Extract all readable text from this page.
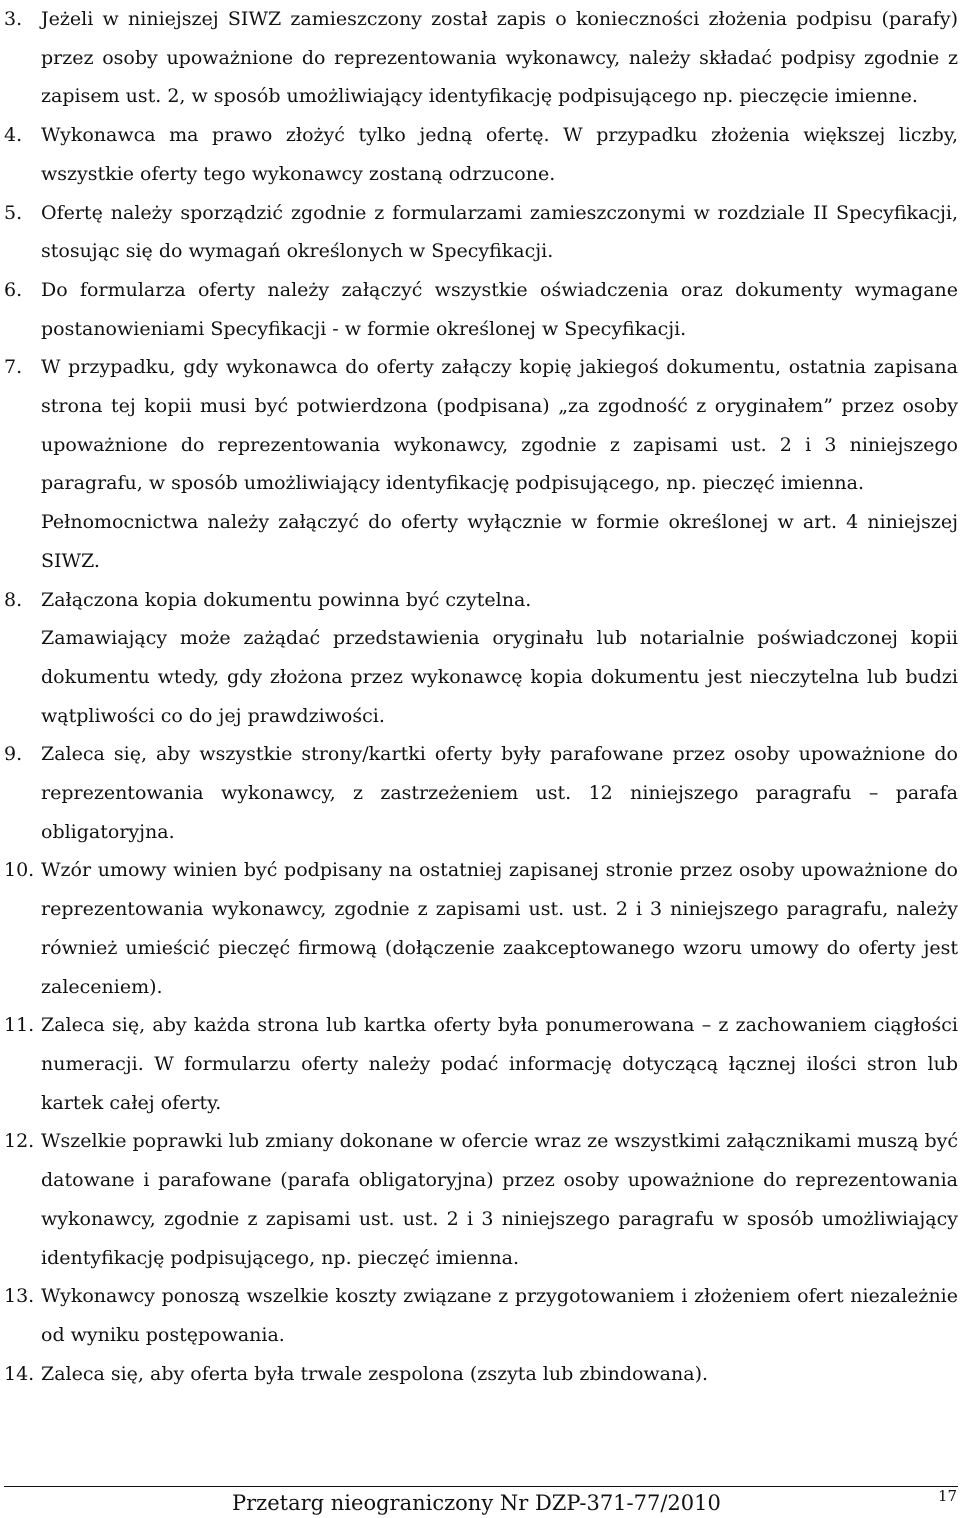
3. Jeżeli w niniejszej SIWZ zamieszczony został zapis o konieczności złożenia podpisu (parafy) przez osoby upoważnione do reprezentowania wykonawcy, należy składać podpisy zgodnie z zapisem ust. 2, w sposób umożliwiający identyfikację podpisującego np. pieczęcie imienne.

4. Wykonawca ma prawo złożyć tylko jedną ofertę. W przypadku złożenia większej liczby, wszystkie oferty tego wykonawcy zostaną odrzucone.

5. Ofertę należy sporządzić zgodnie z formularzami zamieszczonymi w rozdziale II Specyfikacji, stosując się do wymagań określonych w Specyfikacji.

6. Do formularza oferty należy załączyć wszystkie oświadczenia oraz dokumenty wymagane postanowieniami Specyfikacji - w formie określonej w Specyfikacji.

7. W przypadku, gdy wykonawca do oferty załączy kopię jakiegoś dokumentu, ostatnia zapisana strona tej kopii musi być potwierdzona (podpisana) „za zgodność z oryginałem” przez osoby upoważnione do reprezentowania wykonawcy, zgodnie z zapisami ust. 2 i 3 niniejszego paragrafu, w sposób umożliwiający identyfikację podpisującego, np. pieczęć imienna.

Pełnomocnictwa należy załączyć do oferty wyłącznie w formie określonej w art. 4 niniejszej SIWZ.

8. Załączona kopia dokumentu powinna być czytelna.

Zamawiający może zażądać przedstawienia oryginału lub notarialnie poświadczonej kopii dokumentu wtedy, gdy złożona przez wykonawcę kopia dokumentu jest nieczytelna lub budzi wątpliwości co do jej prawdziwości.

9. Zaleca się, aby wszystkie strony/kartki oferty były parafowane przez osoby upoważnione do reprezentowania wykonawcy, z zastrzeżeniem ust. 12 niniejszego paragrafu – parafa obligatoryjna.

10. Wzór umowy winien być podpisany na ostatniej zapisanej stronie przez osoby upoważnione do reprezentowania wykonawcy, zgodnie z zapisami ust. ust. 2 i 3 niniejszego paragrafu, należy również umieścić pieczęć firmową (dołączenie zaakceptowanego wzoru umowy do oferty jest zaleceniem).

11. Zaleca się, aby każda strona lub kartka oferty była ponumerowana – z zachowaniem ciągłości numeracji. W formularzu oferty należy podać informację dotyczącą łącznej ilości stron lub kartek całej oferty.

12. Wszelkie poprawki lub zmiany dokonane w ofercie wraz ze wszystkimi załącznikami muszą być datowane i parafowane (parafa obligatoryjna) przez osoby upoważnione do reprezentowania wykonawcy, zgodnie z zapisami ust. ust. 2 i 3 niniejszego paragrafu w sposób umożliwiający identyfikację podpisującego, np. pieczęć imienna.

13. Wykonawcy ponoszą wszelkie koszty związane z przygotowaniem i złożeniem ofert niezależnie od wyniku postępowania.

14. Zaleca się, aby oferta była trwale zespolona (zszyta lub zbindowana).

Przetarg nieograniczony Nr DZP-371-77/2010	17
